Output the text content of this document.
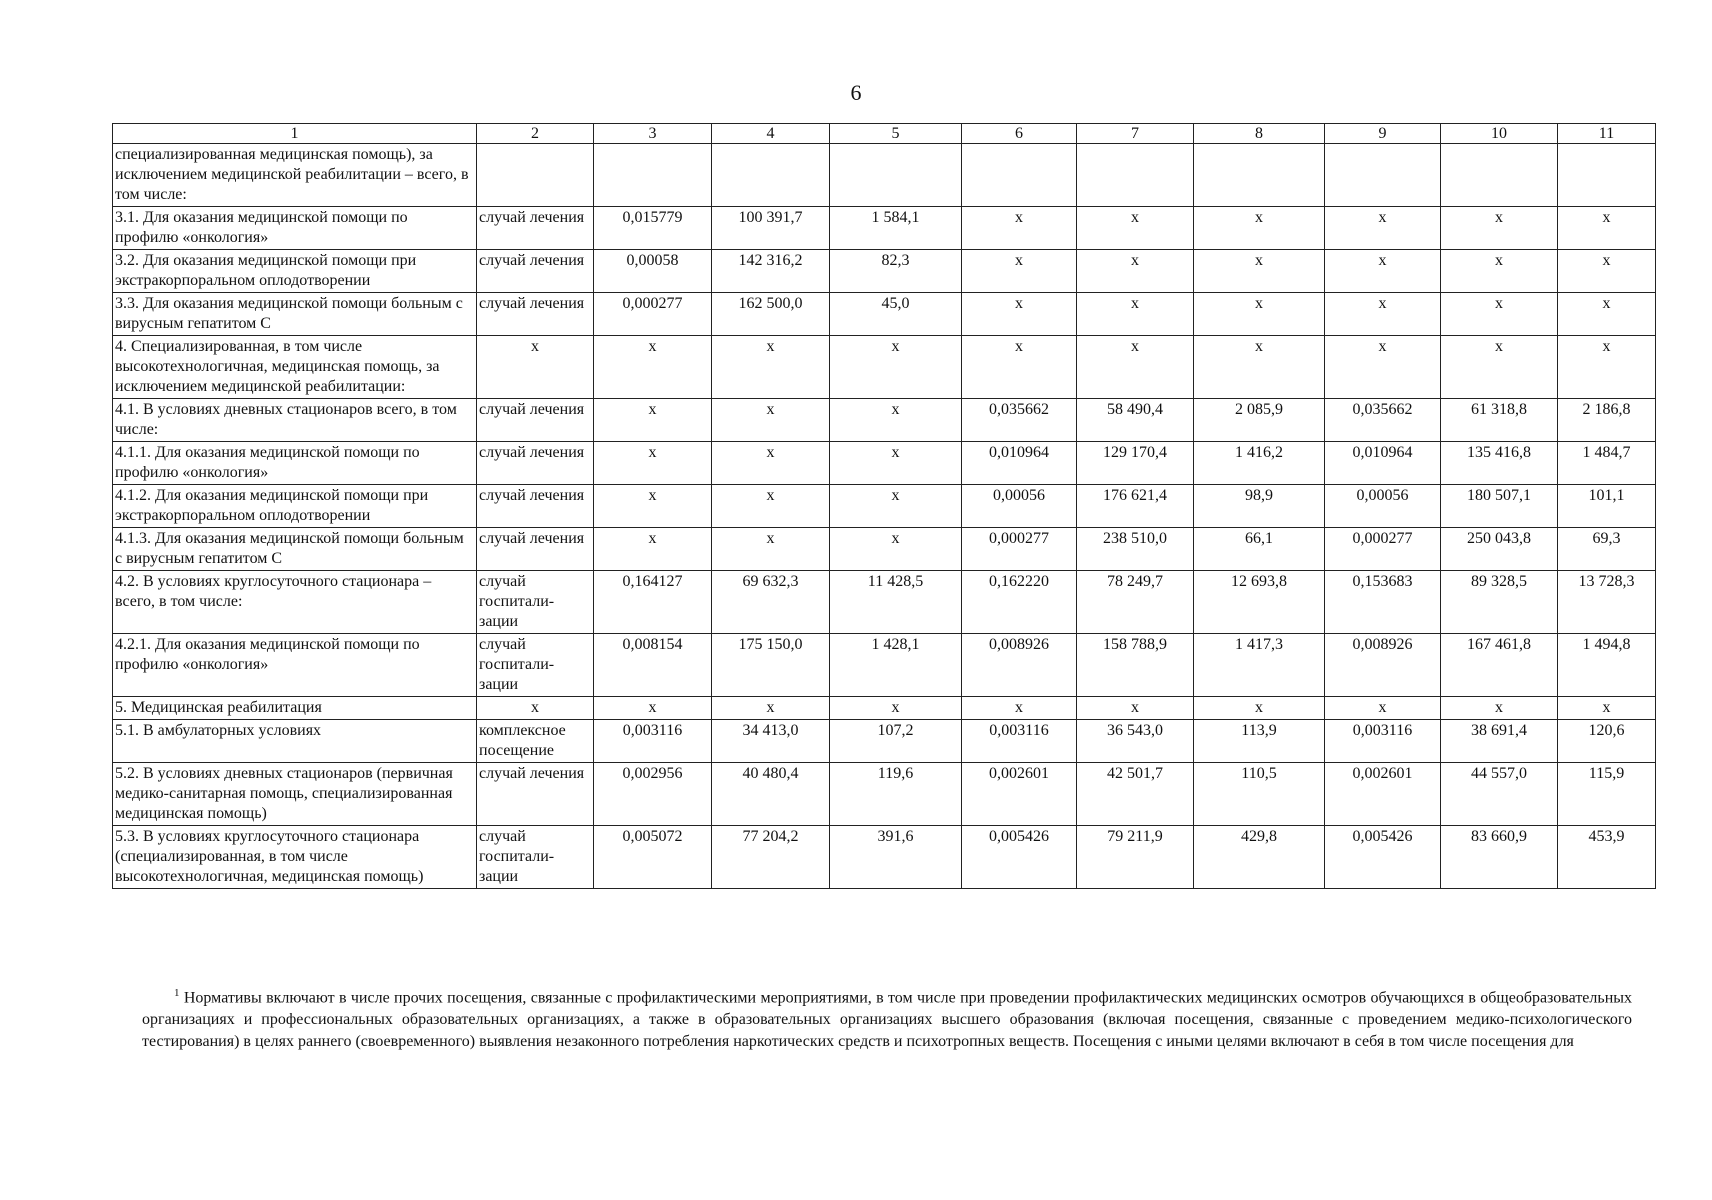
6
1	2	3	4	5	6	7	8	9	10	11
специализированная медицинская помощь), за исключением медицинской реабилитации – всего, в том числе:										
3.1. Для оказания медицинской помощи по профилю «онкология»	случай лечения	0,015779	100 391,7	1 584,1	х	х	х	х	х	х
3.2. Для оказания медицинской помощи при экстракорпоральном оплодотворении	случай лечения	0,00058	142 316,2	82,3	х	х	х	х	х	х
3.3. Для оказания медицинской помощи больным с вирусным гепатитом С	случай лечения	0,000277	162 500,0	45,0	х	х	х	х	х	х
4. Специализированная, в том числе высокотехнологичная, медицинская помощь, за исключением медицинской реабилитации:	х	х	х	х	х	х	х	х	х	х
4.1. В условиях дневных стационаров всего, в том числе:	случай лечения	х	х	х	0,035662	58 490,4	2 085,9	0,035662	61 318,8	2 186,8
4.1.1. Для оказания медицинской помощи по профилю «онкология»	случай лечения	х	х	х	0,010964	129 170,4	1 416,2	0,010964	135 416,8	1 484,7
4.1.2. Для оказания медицинской помощи при экстракорпоральном оплодотворении	случай лечения	х	х	х	0,00056	176 621,4	98,9	0,00056	180 507,1	101,1
4.1.3. Для оказания медицинской помощи больным с вирусным гепатитом С	случай лечения	х	х	х	0,000277	238 510,0	66,1	0,000277	250 043,8	69,3
4.2. В условиях круглосуточного стационара – всего, в том числе:	случай госпитали-зации	0,164127	69 632,3	11 428,5	0,162220	78 249,7	12 693,8	0,153683	89 328,5	13 728,3
4.2.1. Для оказания медицинской помощи по профилю «онкология»	случай госпитали-зации	0,008154	175 150,0	1 428,1	0,008926	158 788,9	1 417,3	0,008926	167 461,8	1 494,8
5. Медицинская реабилитация	х	х	х	х	х	х	х	х	х	х
5.1. В амбулаторных условиях	комплексное посещение	0,003116	34 413,0	107,2	0,003116	36 543,0	113,9	0,003116	38 691,4	120,6
5.2. В условиях дневных стационаров (первичная медико-санитарная помощь, специализированная медицинская помощь)	случай лечения	0,002956	40 480,4	119,6	0,002601	42 501,7	110,5	0,002601	44 557,0	115,9
5.3. В условиях круглосуточного стационара (специализированная, в том числе высокотехнологичная, медицинская помощь)	случай госпитали-зации	0,005072	77 204,2	391,6	0,005426	79 211,9	429,8	0,005426	83 660,9	453,9
$^1$ Нормативы включают в числе прочих посещения, связанные с профилактическими мероприятиями, в том числе при проведении профилактических медицинских осмотров обучающихся в общеобразовательных организациях и профессиональных образовательных организациях, а также в образовательных организациях высшего образования (включая посещения, связанные с проведением медико-психологического тестирования) в целях раннего (своевременного) выявления незаконного потребления наркотических средств и психотропных веществ. Посещения с иными целями включают в себя в том числе посещения для
